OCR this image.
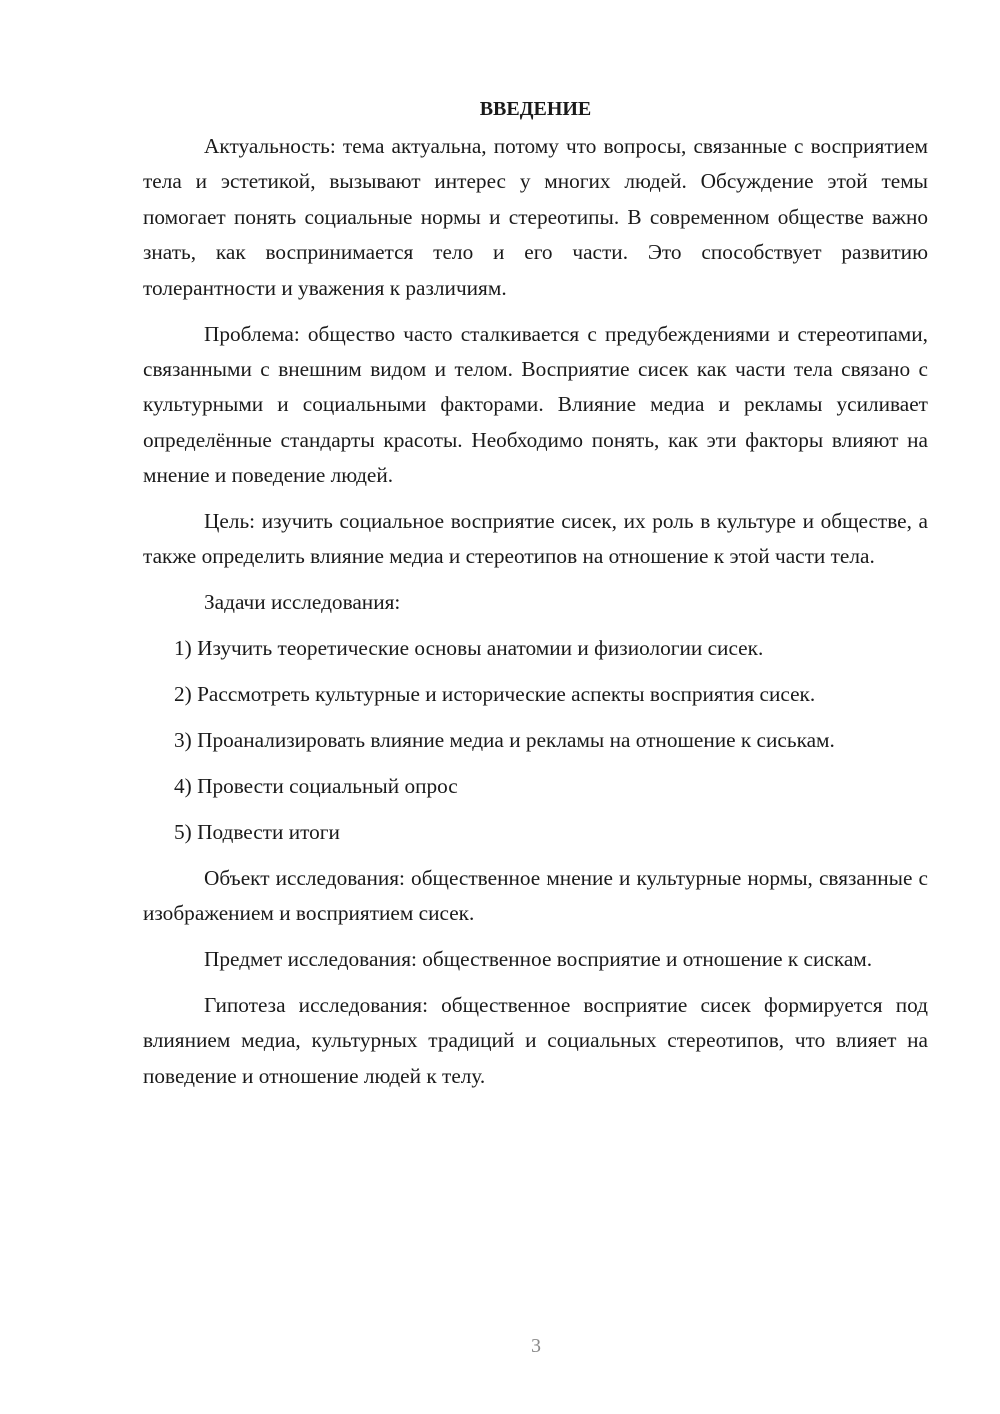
ВВЕДЕНИЕ

Актуальность: тема актуальна, потому что вопросы, связанные с восприятием тела и эстетикой, вызывают интерес у многих людей. Обсуждение этой темы помогает понять социальные нормы и стереотипы. В современном обществе важно знать, как воспринимается тело и его части. Это способствует развитию толерантности и уважения к различиям.

Проблема: общество часто сталкивается с предубеждениями и стереотипами, связанными с внешним видом и телом. Восприятие сисек как части тела связано с культурными и социальными факторами. Влияние медиа и рекламы усиливает определённые стандарты красоты. Необходимо понять, как эти факторы влияют на мнение и поведение людей.

Цель: изучить социальное восприятие сисек, их роль в культуре и обществе, а также определить влияние медиа и стереотипов на отношение к этой части тела.

Задачи исследования:

1) Изучить теоретические основы анатомии и физиологии сисек.

2) Рассмотреть культурные и исторические аспекты восприятия сисек.

3) Проанализировать влияние медиа и рекламы на отношение к сиськам.

4) Провести социальный опрос

5) Подвести итоги

Объект исследования: общественное мнение и культурные нормы, связанные с изображением и восприятием сисек.

Предмет исследования: общественное восприятие и отношение к сискам.

Гипотеза исследования: общественное восприятие сисек формируется под влиянием медиа, культурных традиций и социальных стереотипов, что влияет на поведение и отношение людей к телу.

3
